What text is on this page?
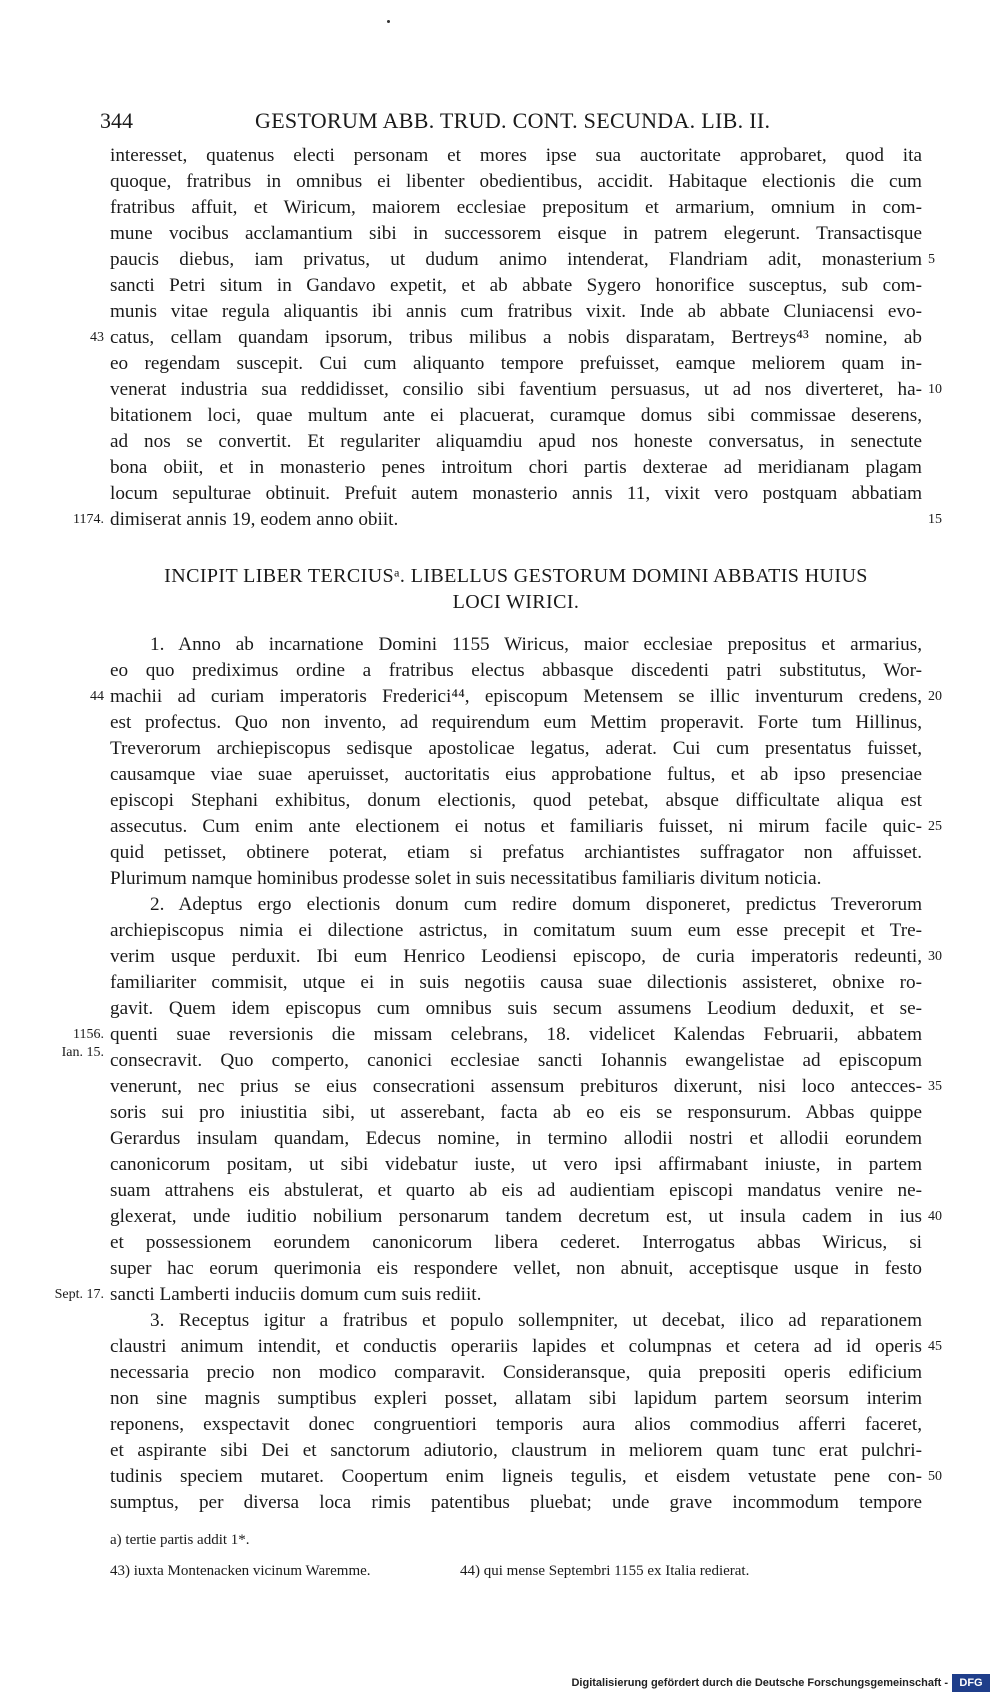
344	GESTORUM ABB. TRUD. CONT. SECUNDA. LIB. II.
interesset, quatenus electi personam et mores ipse sua auctoritate approbaret, quod ita
quoque, fratribus in omnibus ei libenter obedientibus, accidit. Habitaque electionis die cum
fratribus affuit, et Wiricum, maiorem ecclesiae prepositum et armarium, omnium in com-
mune vocibus acclamantium sibi in successorem eisque in patrem elegerunt. Transactisque
paucis diebus, iam privatus, ut dudum animo intenderat, Flandriam adit, monasterium
sancti Petri situm in Gandavo expetit, et ab abbate Sygero honorifice susceptus, sub com-
munis vitae regula aliquantis ibi annis cum fratribus vixit. Inde ab abbate Cluniacensi evo-
catus, cellam quandam ipsorum, tribus milibus a nobis disparatam, Bertreys⁴³ nomine, ab
eo regendam suscepit. Cui cum aliquanto tempore prefuisset, eamque meliorem quam in-
venerat industria sua reddidisset, consilio sibi faventium persuasus, ut ad nos diverteret, ha-
bitationem loci, quae multum ante ei placuerat, curamque domus sibi commissae deserens,
ad nos se convertit. Et regulariter aliquamdiu apud nos honeste conversatus, in senectute
bona obiit, et in monasterio penes introitum chori partis dexterae ad meridianam plagam
locum sepulturae obtinuit. Prefuit autem monasterio annis 11, vixit vero postquam abbatiam
dimiserat annis 19, eodem anno obiit.
43
1174.
5
10
15
INCIPIT LIBER TERCIUSᵃ. LIBELLUS GESTORUM DOMINI ABBATIS HUIUS
LOCI WIRICI.
1. Anno ab incarnatione Domini 1155 Wiricus, maior ecclesiae prepositus et armarius,
eo quo prediximus ordine a fratribus electus abbasque discedenti patri substitutus, Wor-
machii ad curiam imperatoris Frederici⁴⁴, episcopum Metensem se illic inventurum credens,
est profectus. Quo non invento, ad requirendum eum Mettim properavit. Forte tum Hillinus,
Treverorum archiepiscopus sedisque apostolicae legatus, aderat. Cui cum presentatus fuisset,
causamque viae suae aperuisset, auctoritatis eius approbatione fultus, et ab ipso presenciae
episcopi Stephani exhibitus, donum electionis, quod petebat, absque difficultate aliqua est
assecutus. Cum enim ante electionem ei notus et familiaris fuisset, ni mirum facile quic-
quid petisset, obtinere poterat, etiam si prefatus archiantistes suffragator non affuisset.
Plurimum namque hominibus prodesse solet in suis necessitatibus familiaris divitum noticia.
44	20
25
2. Adeptus ergo electionis donum cum redire domum disponeret, predictus Treverorum
archiepiscopus nimia ei dilectione astrictus, in comitatum suum eum esse precepit et Tre-
verim usque perduxit. Ibi eum Henrico Leodiensi episcopo, de curia imperatoris redeunti,
familiariter commisit, utque ei in suis negotiis causa suae dilectionis assisteret, obnixe ro-
gavit. Quem idem episcopus cum omnibus suis secum assumens Leodium deduxit, et se-
quenti suae reversionis die missam celebrans, 18. videlicet Kalendas Februarii, abbatem
consecravit. Quo comperto, canonici ecclesiae sancti Iohannis ewangelistae ad episcopum
venerunt, nec prius se eius consecrationi assensum prebituros dixerunt, nisi loco antecces-
soris sui pro iniustitia sibi, ut asserebant, facta ab eo eis se responsurum. Abbas quippe
Gerardus insulam quandam, Edecus nomine, in termino allodii nostri et allodii eorundem
canonicorum positam, ut sibi videbatur iuste, ut vero ipsi affirmabant iniuste, in partem
suam attrahens eis abstulerat, et quarto ab eis ad audientiam episcopi mandatus venire ne-
glexerat, unde iuditio nobilium personarum tandem decretum est, ut insula cadem in ius
et possessionem eorundem canonicorum libera cederet. Interrogatus abbas Wiricus, si
super hac eorum querimonia eis respondere vellet, non abnuit, acceptisque usque in festo
sancti Lamberti induciis domum cum suis rediit.
1156.
Ian. 15.
Sept. 17.
30
35
40
3. Receptus igitur a fratribus et populo sollempniter, ut decebat, ilico ad reparationem
claustri animum intendit, et conductis operariis lapides et columpnas et cetera ad id operis
necessaria precio non modico comparavit. Consideransque, quia prepositi operis edificium
non sine magnis sumptibus expleri posset, allatam sibi lapidum partem seorsum interim
reponens, exspectavit donec congruentiori temporis aura alios commodius afferri faceret,
et aspirante sibi Dei et sanctorum adiutorio, claustrum in meliorem quam tunc erat pulchri-
tudinis speciem mutaret. Coopertum enim ligneis tegulis, et eisdem vetustate pene con-
sumptus, per diversa loca rimis patentibus pluebat; unde grave incommodum tempore
45
50
a) tertie partis addit 1*.
43) iuxta Montenacken vicinum Waremme.	44) qui mense Septembri 1155 ex Italia redierat.
Digitalisierung gefördert durch die Deutsche Forschungsgemeinschaft -	DFG
